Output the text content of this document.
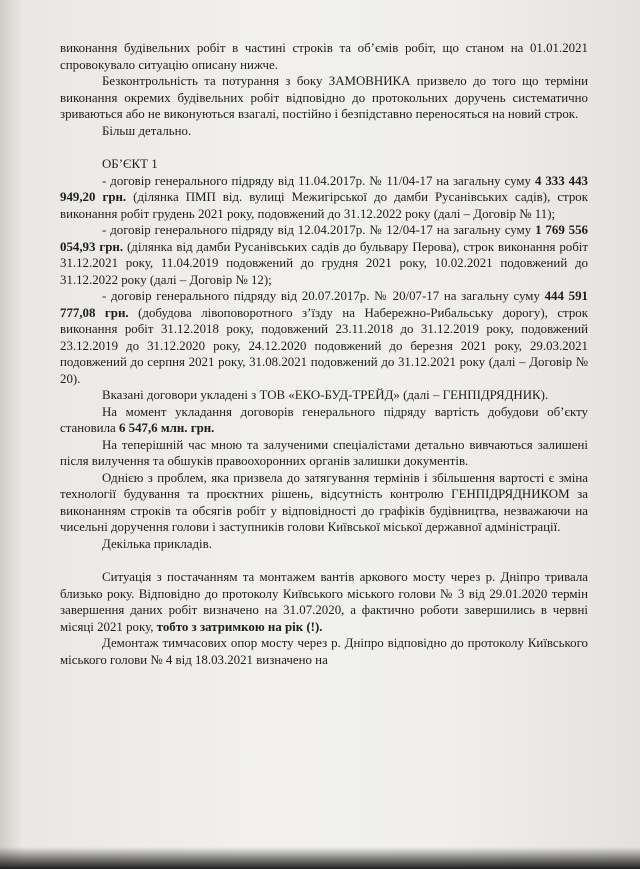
виконання будівельних робіт в частині строків та об’ємів робіт, що станом на 01.01.2021 спровокувало ситуацію описану нижче.

Безконтрольність та потурання з боку ЗАМОВНИКА призвело до того що терміни виконання окремих будівельних робіт відповідно до протокольних доручень систематично зриваються або не виконуються взагалі, постійно і безпідставно переносяться на новий строк.

Більш детально.

ОБ’ЄКТ 1

- договір генерального підряду від 11.04.2017р. № 11/04-17 на загальну суму 4 333 443 949,20 грн. (ділянка ПМП від. вулиці Межигірської до дамби Русанівських садів), строк виконання робіт грудень 2021 року, подовжений до 31.12.2022 року (далі – Договір № 11);

- договір генерального підряду від 12.04.2017р. № 12/04-17 на загальну суму 1 769 556 054,93 грн. (ділянка від дамби Русанівських садів до бульвару Перова), строк виконання робіт 31.12.2021 року, 11.04.2019 подовжений до грудня 2021 року, 10.02.2021 подовжений до 31.12.2022 року (далі – Договір № 12);

- договір генерального підряду від 20.07.2017р. № 20/07-17 на загальну суму 444 591 777,08 грн. (добудова лівоповоротного з’їзду на Набережно-Рибальську дорогу), строк виконання робіт 31.12.2018 року, подовжений 23.11.2018 до 31.12.2019 року, подовжений 23.12.2019 до 31.12.2020 року, 24.12.2020 подовжений до березня 2021 року, 29.03.2021 подовжений до серпня 2021 року, 31.08.2021 подовжений до 31.12.2021 року (далі – Договір № 20).

Вказані договори укладені з ТОВ «ЕКО-БУД-ТРЕЙД» (далі – ГЕНПІДРЯДНИК).

На момент укладання договорів генерального підряду вартість добудови об’єкту становила 6 547,6 млн. грн.

На теперішній час мною та залученими спеціалістами детально вивчаються залишені після вилучення та обшуків правоохоронних органів залишки документів.

Однією з проблем, яка призвела до затягування термінів і збільшення вартості є зміна технології будування та проєктних рішень, відсутність контролю ГЕНПІДРЯДНИКОМ за виконанням строків та обсягів робіт у відповідності до графіків будівництва, незважаючи на чисельні доручення голови і заступників голови Київської міської державної адміністрації.

Декілька прикладів.

Ситуація з постачанням та монтажем вантів аркового мосту через р. Дніпро тривала близько року. Відповідно до протоколу Київського міського голови № 3 від 29.01.2020 термін завершення даних робіт визначено на 31.07.2020, а фактично роботи завершились в червні місяці 2021 року, тобто з затримкою на рік (!).

Демонтаж тимчасових опор мосту через р. Дніпро відповідно до протоколу Київського міського голови № 4 від 18.03.2021 визначено на
